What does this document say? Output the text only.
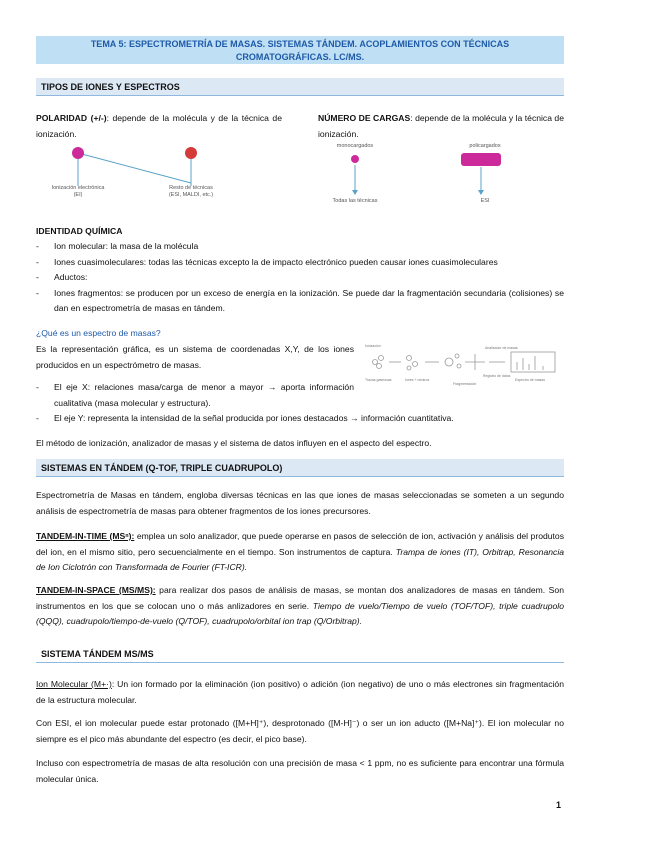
TEMA 5: ESPECTROMETRÍA DE MASAS. SISTEMAS TÁNDEM. ACOPLAMIENTOS CON TÉCNICAS
CROMATOGRÁFICAS. LC/MS.
TIPOS DE IONES Y ESPECTROS
POLARIDAD (+/-): depende de la molécula y de la técnica de ionización.
NÚMERO DE CARGAS: depende de la molécula y la técnica de ionización.
Ionización electrónica
(EI)
Resto de técnicas
(ESI, MALDI, etc.)
monocargados	policargados
Todas las técnicas	ESI
IDENTIDAD QUÍMICA
- Ion molecular: la masa de la molécula
- Iones cuasimoleculares: todas las técnicas excepto la de impacto electrónico pueden causar iones cuasimoleculares
- Aductos:
- Iones fragmentos: se producen por un exceso de energía en la ionización. Se puede dar la fragmentación secundaria (colisiones) se dan en espectrometría de masas en tándem.
¿Qué es un espectro de masas?
Es la representación gráfica, es un sistema de coordenadas X,Y, de los iones producidos en un espectrómetro de masas.
Ionización	Analizador de masas
Trazas gaseosas	Iones + neutros
Fragmentación
Registro de datos
Espectro de masas
- El eje X: relaciones masa/carga de menor a mayor → aporta información cualitativa (masa molecular y estructura).
- El eje Y: representa la intensidad de la señal producida por iones destacados → información cuantitativa.
El método de ionización, analizador de masas y el sistema de datos influyen en el aspecto del espectro.
SISTEMAS EN TÁNDEM (Q-TOF, TRIPLE CUADRUPOLO)
Espectrometría de Masas en tándem, engloba diversas técnicas en las que iones de masas seleccionadas se someten a un segundo análisis de espectrometría de masas para obtener fragmentos de los iones precursores.
TANDEM-IN-TIME (MSⁿ): emplea un solo analizador, que puede operarse en pasos de selección de ion, activación y análisis del produtos del ion, en el mismo sitio, pero secuencialmente en el tiempo. Son instrumentos de captura. Trampa de iones (IT), Orbitrap, Resonancia de Ion Ciclotrón con Transformada de Fourier (FT-ICR).
TANDEM-IN-SPACE (MS/MS): para realizar dos pasos de análisis de masas, se montan dos analizadores de masas en tándem. Son instrumentos en los que se colocan uno o más anlizadores en serie. Tiempo de vuelo/Tiempo de vuelo (TOF/TOF), triple cuadrupolo (QQQ), cuadrupolo/tiempo-de-vuelo (Q/TOF), cuadrupolo/orbital ion trap (Q/Orbitrap).
SISTEMA TÁNDEM MS/MS
Ion Molecular (M+·): Un ion formado por la eliminación (ion positivo) o adición (ion negativo) de uno o más electrones sin fragmentación de la estructura molecular.
Con ESI, el ion molecular puede estar protonado ([M+H]⁺), desprotonado ([M-H]⁻) o ser un ion aducto ([M+Na]⁺). El ion molecular no siempre es el pico más abundante del espectro (es decir, el pico base).
Incluso con espectrometría de masas de alta resolución con una precisión de masa < 1 ppm, no es suficiente para encontrar una fórmula molecular única.
1
